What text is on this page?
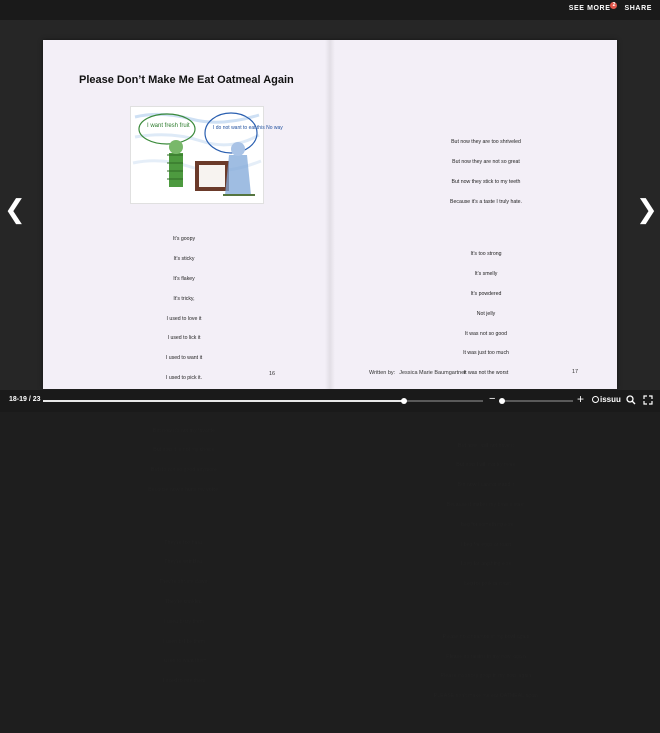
SEE MORE 2	SHARE
❮	❯
Please Don’t Make Me Eat Oatmeal Again
I want fresh fruit	I do not want to eat this No way

It’s goopy

It’s sticky

It’s flakey

It’s tricky,

I used to love it

I used to lick it

I used to want it

I used to pick it.

But now it’s not my favorite

But now it is not my choice

But it’s not so good anymore

Because now it hurts my voice,

They’re too hard,

They’re wrinkled,

They’re shrunk down,

They’re crinkled,

I used to try them

I used to like them

I used to want them

I used to bite them

16

But now they are too shriveled

But now they are not so great

But now they stick to my teeth

Because it’s a taste I truly hate.

It’s too strong

It’s smelly

It’s powdered

Not jelly

It was not so good

It was just too much

It was not the worst

But now I will not have it

But now I will not try more

But now I cannot stand it

Because it makes my tonsils sore.

I beg for something else

I beg for eggs or toast

I beg for anything else

I beg for pork or roast

Please no cinnamon in my bowl again

Please no raisins in my bowl again

Please no sticky goop in my bowl again

PLEASE don’t make me eat OATMEAL again

Written by: Jessica Marie Baumgartner	17
18-19 / 23	−	+ issuu
